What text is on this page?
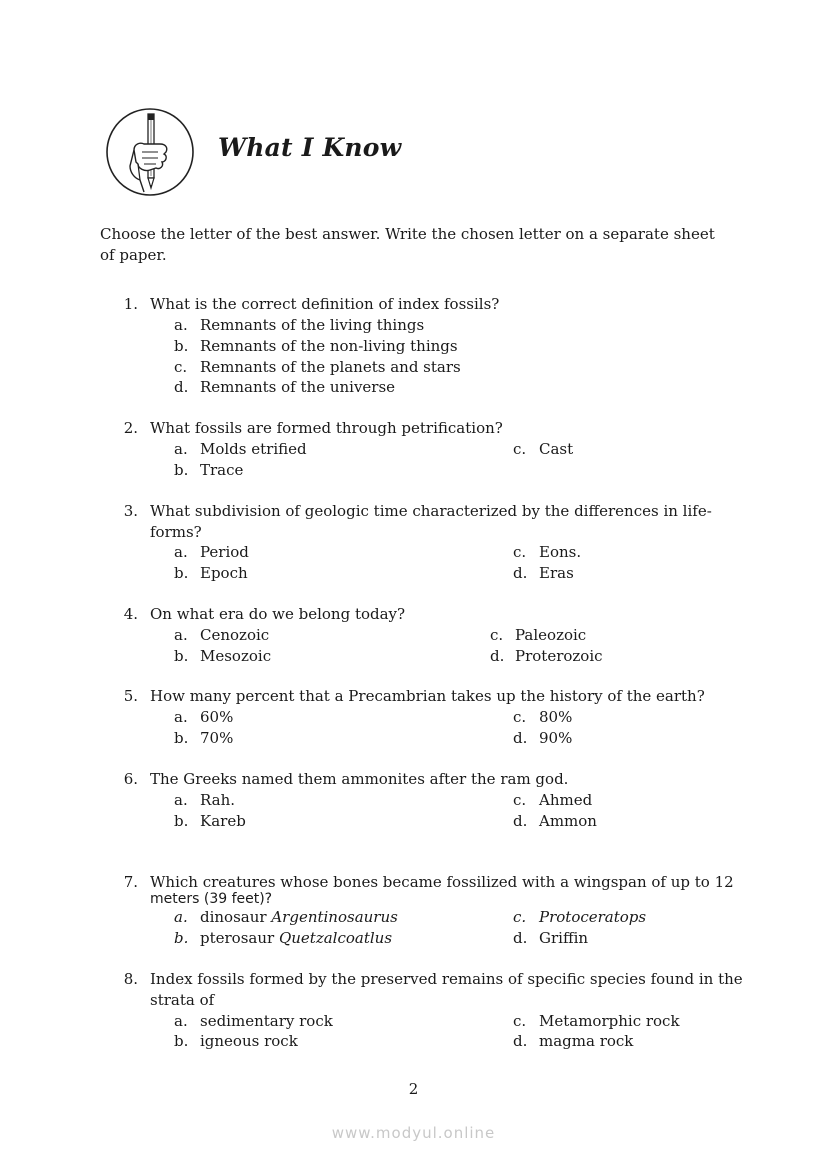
What I Know
Choose the letter of the best answer. Write the chosen letter on a separate sheet of paper.
1. What is the correct definition of index fossils?
a. Remnants of the living things
b. Remnants of the non-living things
c. Remnants of the planets and stars
d. Remnants of the universe
2. What fossils are formed through petrification?
a. Molds etrified	c. Cast
b. Trace
3. What subdivision of geologic time characterized by the differences in life-
forms?
a. Period	c. Eons.
b. Epoch	d. Eras
4. On what era do we belong today?
a. Cenozoic	c. Paleozoic
b. Mesozoic	d. Proterozoic
5. How many percent that a Precambrian takes up the history of the earth?
a. 60%	c. 80%
b. 70%	d. 90%
6. The Greeks named them ammonites after the ram god.
a. Rah.	c. Ahmed
b. Kareb	d. Ammon
7. Which creatures whose bones became fossilized with a wingspan of up to 12
meters (39 feet)?
a. dinosaur Argentinosaurus	c. Protoceratops
b. pterosaur Quetzalcoatlus	d. Griffin
8. Index fossils formed by the preserved remains of specific species found in the
strata of
a. sedimentary rock	c. Metamorphic rock
b. igneous rock	d. magma rock
2
www.modyul.online
